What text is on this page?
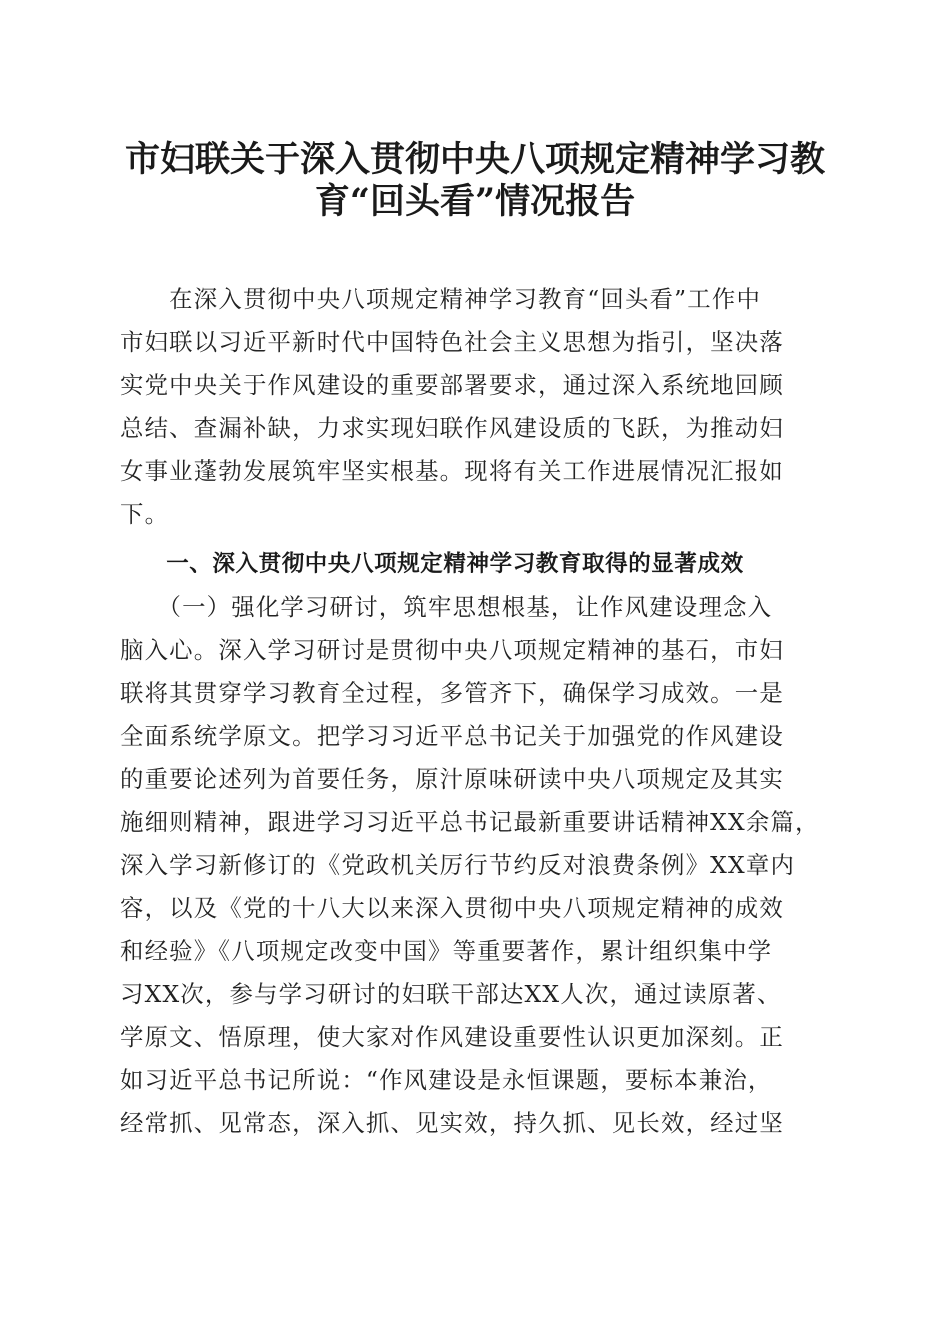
市妇联关于深入贯彻中央八项规定精神学习教
育“回头看”情况报告
　　在深入贯彻中央八项规定精神学习教育“回头看”工作中
市妇联以习近平新时代中国特色社会主义思想为指引，坚决落
实党中央关于作风建设的重要部署要求，通过深入系统地回顾
总结、查漏补缺，力求实现妇联作风建设质的飞跃，为推动妇
女事业蓬勃发展筑牢坚实根基。现将有关工作进展情况汇报如
下。
　　一、深入贯彻中央八项规定精神学习教育取得的显著成效
　　（一）强化学习研讨，筑牢思想根基，让作风建设理念入
脑入心。深入学习研讨是贯彻中央八项规定精神的基石，市妇
联将其贯穿学习教育全过程，多管齐下，确保学习成效。一是
全面系统学原文。把学习习近平总书记关于加强党的作风建设
的重要论述列为首要任务，原汁原味研读中央八项规定及其实
施细则精神，跟进学习习近平总书记最新重要讲话精神XX余篇，
深入学习新修订的《党政机关厉行节约反对浪费条例》XX章内
容，以及《党的十八大以来深入贯彻中央八项规定精神的成效
和经验》《八项规定改变中国》等重要著作，累计组织集中学
习XX次，参与学习研讨的妇联干部达XX人次，通过读原著、
学原文、悟原理，使大家对作风建设重要性认识更加深刻。正
如习近平总书记所说：“作风建设是永恒课题，要标本兼治，
经常抓、见常态，深入抓、见实效，持久抓、见长效，经过坚
